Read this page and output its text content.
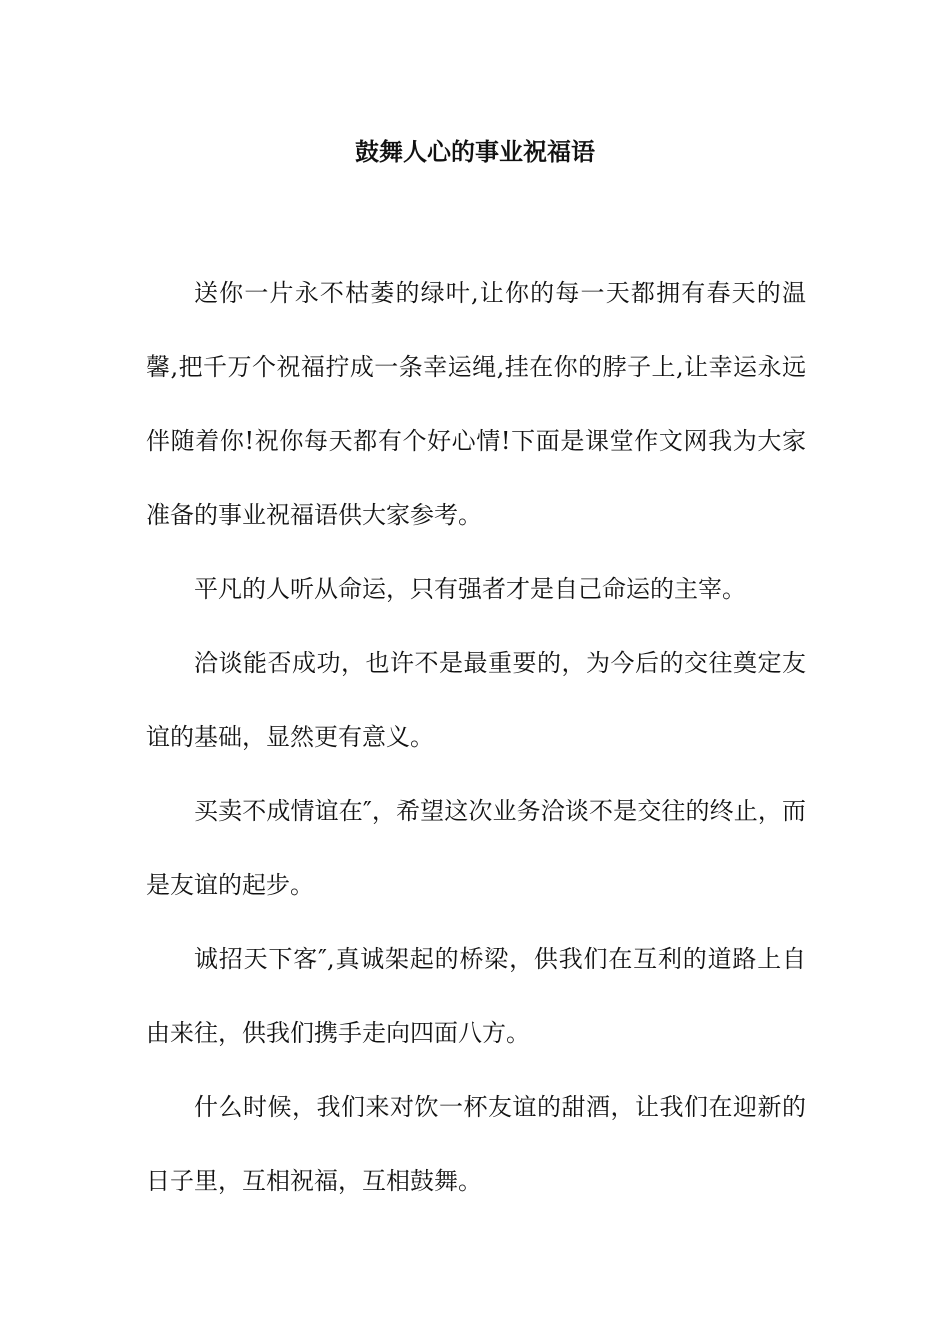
鼓舞人心的事业祝福语

送你一片永不枯萎的绿叶,让你的每一天都拥有春天的温馨,把千万个祝福拧成一条幸运绳,挂在你的脖子上,让幸运永远伴随着你!祝你每天都有个好心情!下面是课堂作文网我为大家准备的事业祝福语供大家参考。

平凡的人听从命运，只有强者才是自己命运的主宰。

洽谈能否成功，也许不是最重要的，为今后的交往奠定友谊的基础，显然更有意义。

买卖不成情谊在″，希望这次业务洽谈不是交往的终止，而是友谊的起步。

诚招天下客″,真诚架起的桥梁，供我们在互利的道路上自由来往，供我们携手走向四面八方。

什么时候，我们来对饮一杯友谊的甜酒，让我们在迎新的日子里，互相祝福，互相鼓舞。
